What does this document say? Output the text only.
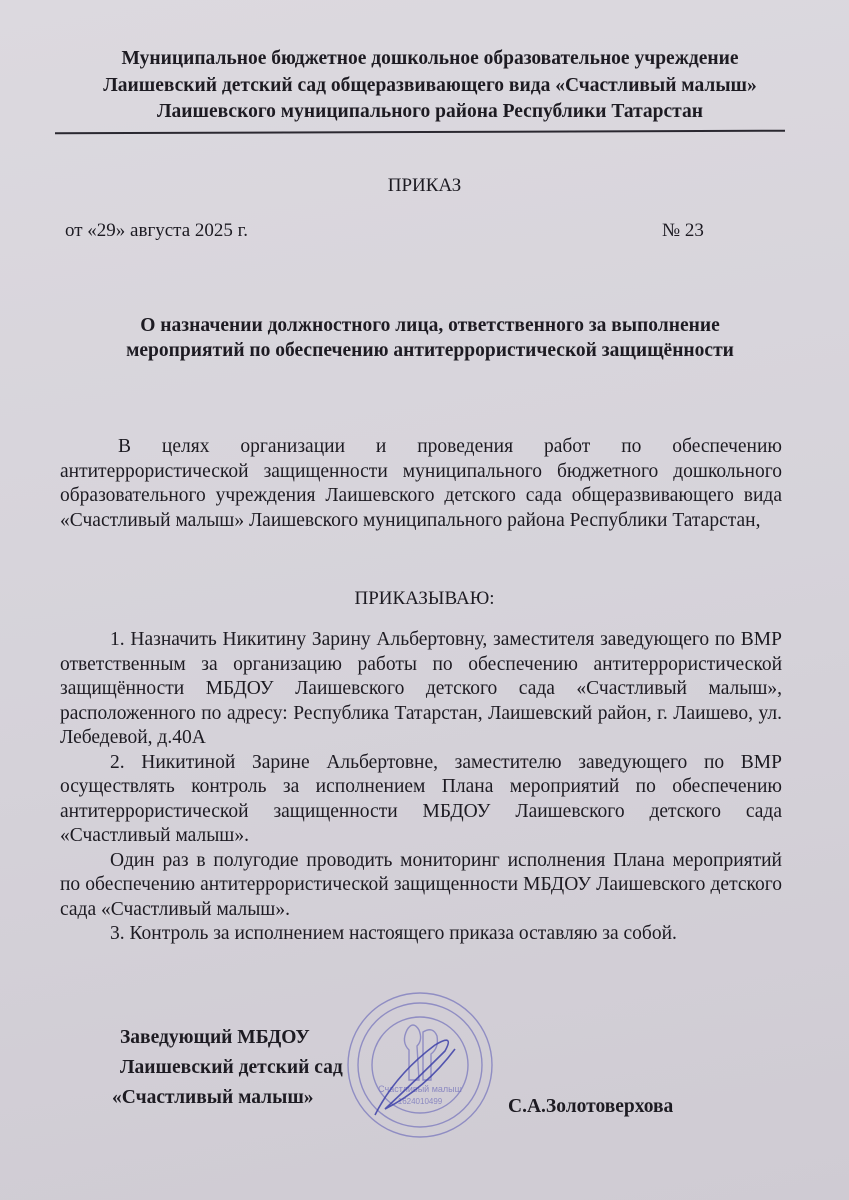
Муниципальное бюджетное дошкольное образовательное учреждение
Лаишевский детский сад общеразвивающего вида «Счастливый малыш»
Лаишевского муниципального района Республики Татарстан
ПРИКАЗ
от «29» августа 2025 г.	№ 23
О назначении должностного лица, ответственного за выполнение
мероприятий по обеспечению антитеррористической защищённости
В целях организации и проведения работ по обеспечению антитеррористической защищенности муниципального бюджетного дошкольного образовательного учреждения Лаишевского детского сада общеразвивающего вида «Счастливый малыш» Лаишевского муниципального района Республики Татарстан,
ПРИКАЗЫВАЮ:

1. Назначить Никитину Зарину Альбертовну, заместителя заведующего по ВМР ответственным за организацию работы по обеспечению антитеррористической защищённости МБДОУ Лаишевского детского сада «Счастливый малыш», расположенного по адресу: Республика Татарстан, Лаишевский район, г. Лаишево, ул. Лебедевой, д.40А

2. Никитиной Зарине Альбертовне, заместителю заведующего по ВМР осуществлять контроль за исполнением Плана мероприятий по обеспечению антитеррористической защищенности МБДОУ Лаишевского детского сада «Счастливый малыш».

Один раз в полугодие проводить мониторинг исполнения Плана мероприятий по обеспечению антитеррористической защищенности МБДОУ Лаишевского детского сада «Счастливый малыш».

3. Контроль за исполнением настоящего приказа оставляю за собой.

Заведующий МБДОУ
Лаишевский детский сад
«Счастливый малыш»	Счастливый малыш
1624010499	С.А.Золотоверхова
